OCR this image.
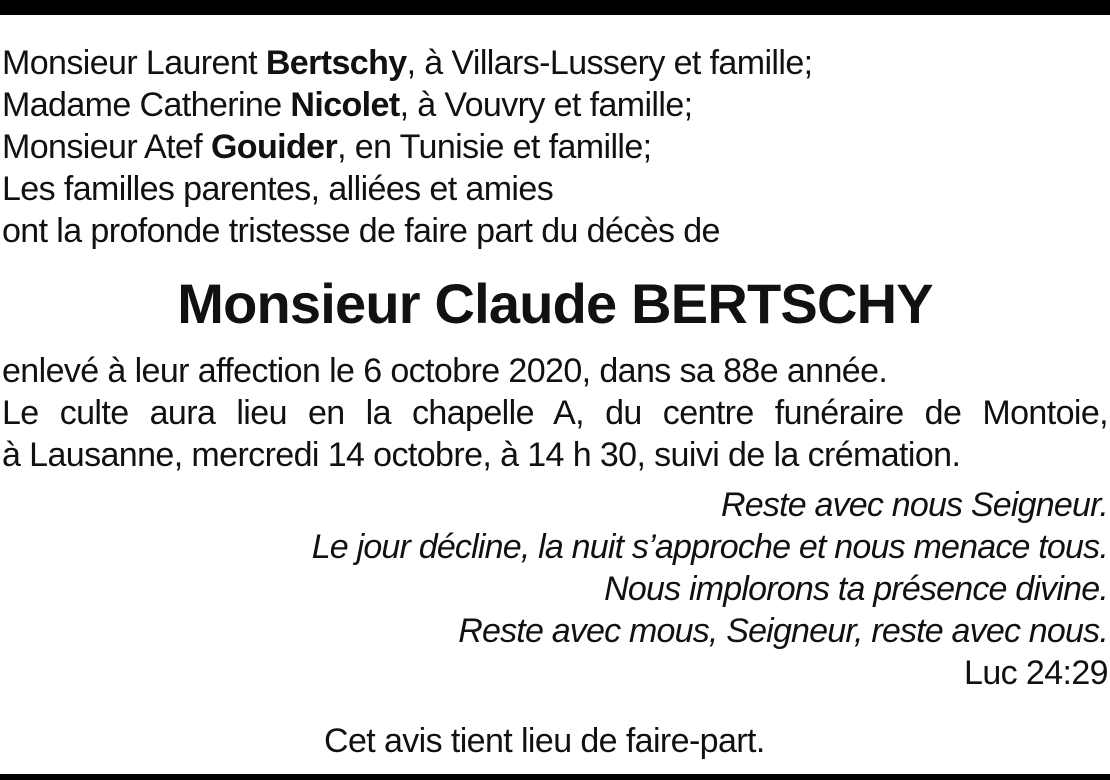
Monsieur Laurent Bertschy, à Villars-Lussery et famille;
Madame Catherine Nicolet, à Vouvry et famille;
Monsieur Atef Gouider, en Tunisie et famille;
Les familles parentes, alliées et amies
ont la profonde tristesse de faire part du décès de
Monsieur Claude BERTSCHY
enlevé à leur affection le 6 octobre 2020, dans sa 88e année.
Le culte aura lieu en la chapelle A, du centre funéraire de Montoie,
à Lausanne, mercredi 14 octobre, à 14 h 30, suivi de la crémation.
Reste avec nous Seigneur.
Le jour décline, la nuit s’approche et nous menace tous.
Nous implorons ta présence divine.
Reste avec mous, Seigneur, reste avec nous.
Luc 24:29
Cet avis tient lieu de faire-part.
